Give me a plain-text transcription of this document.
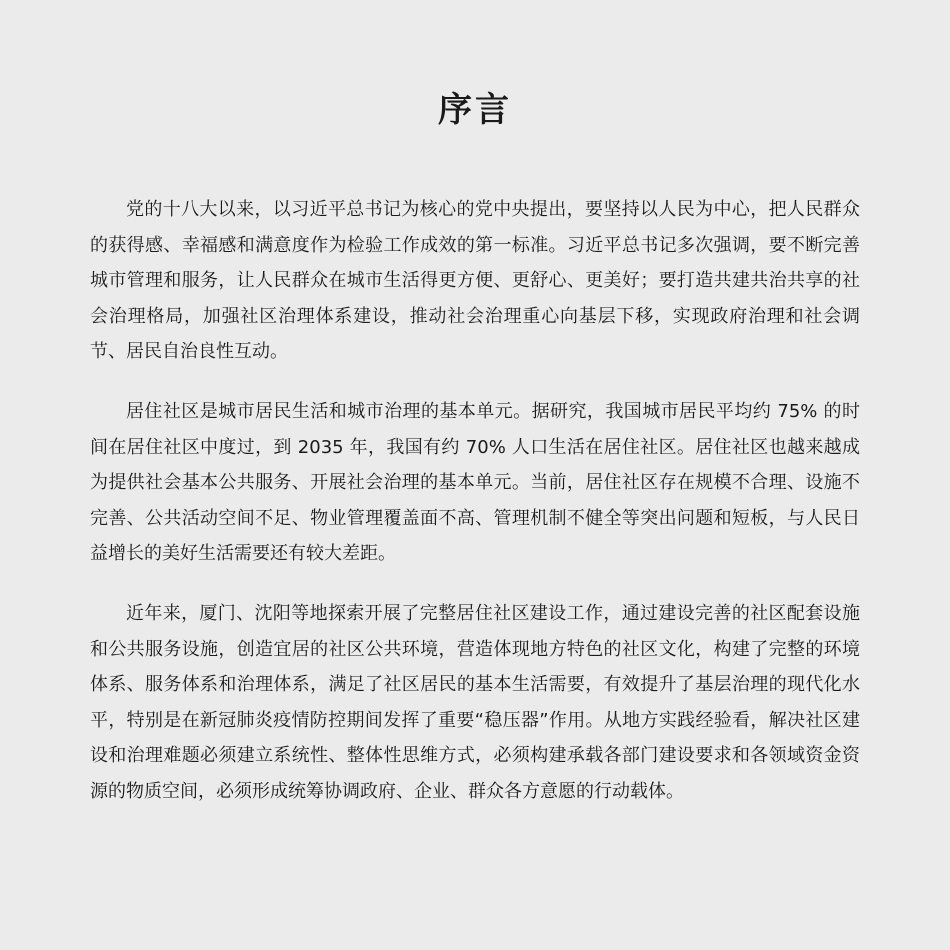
序言

党的十八大以来，以习近平总书记为核心的党中央提出，要坚持以人民为中心，把人民群众的获得感、幸福感和满意度作为检验工作成效的第一标准。习近平总书记多次强调，要不断完善城市管理和服务，让人民群众在城市生活得更方便、更舒心、更美好；要打造共建共治共享的社会治理格局，加强社区治理体系建设，推动社会治理重心向基层下移，实现政府治理和社会调节、居民自治良性互动。

居住社区是城市居民生活和城市治理的基本单元。据研究，我国城市居民平均约 75% 的时间在居住社区中度过，到 2035 年，我国有约 70% 人口生活在居住社区。居住社区也越来越成为提供社会基本公共服务、开展社会治理的基本单元。当前，居住社区存在规模不合理、设施不完善、公共活动空间不足、物业管理覆盖面不高、管理机制不健全等突出问题和短板，与人民日益增长的美好生活需要还有较大差距。

近年来，厦门、沈阳等地探索开展了完整居住社区建设工作，通过建设完善的社区配套设施和公共服务设施，创造宜居的社区公共环境，营造体现地方特色的社区文化，构建了完整的环境体系、服务体系和治理体系，满足了社区居民的基本生活需要，有效提升了基层治理的现代化水平，特别是在新冠肺炎疫情防控期间发挥了重要“稳压器”作用。从地方实践经验看，解决社区建设和治理难题必须建立系统性、整体性思维方式，必须构建承载各部门建设要求和各领域资金资源的物质空间，必须形成统筹协调政府、企业、群众各方意愿的行动载体。
